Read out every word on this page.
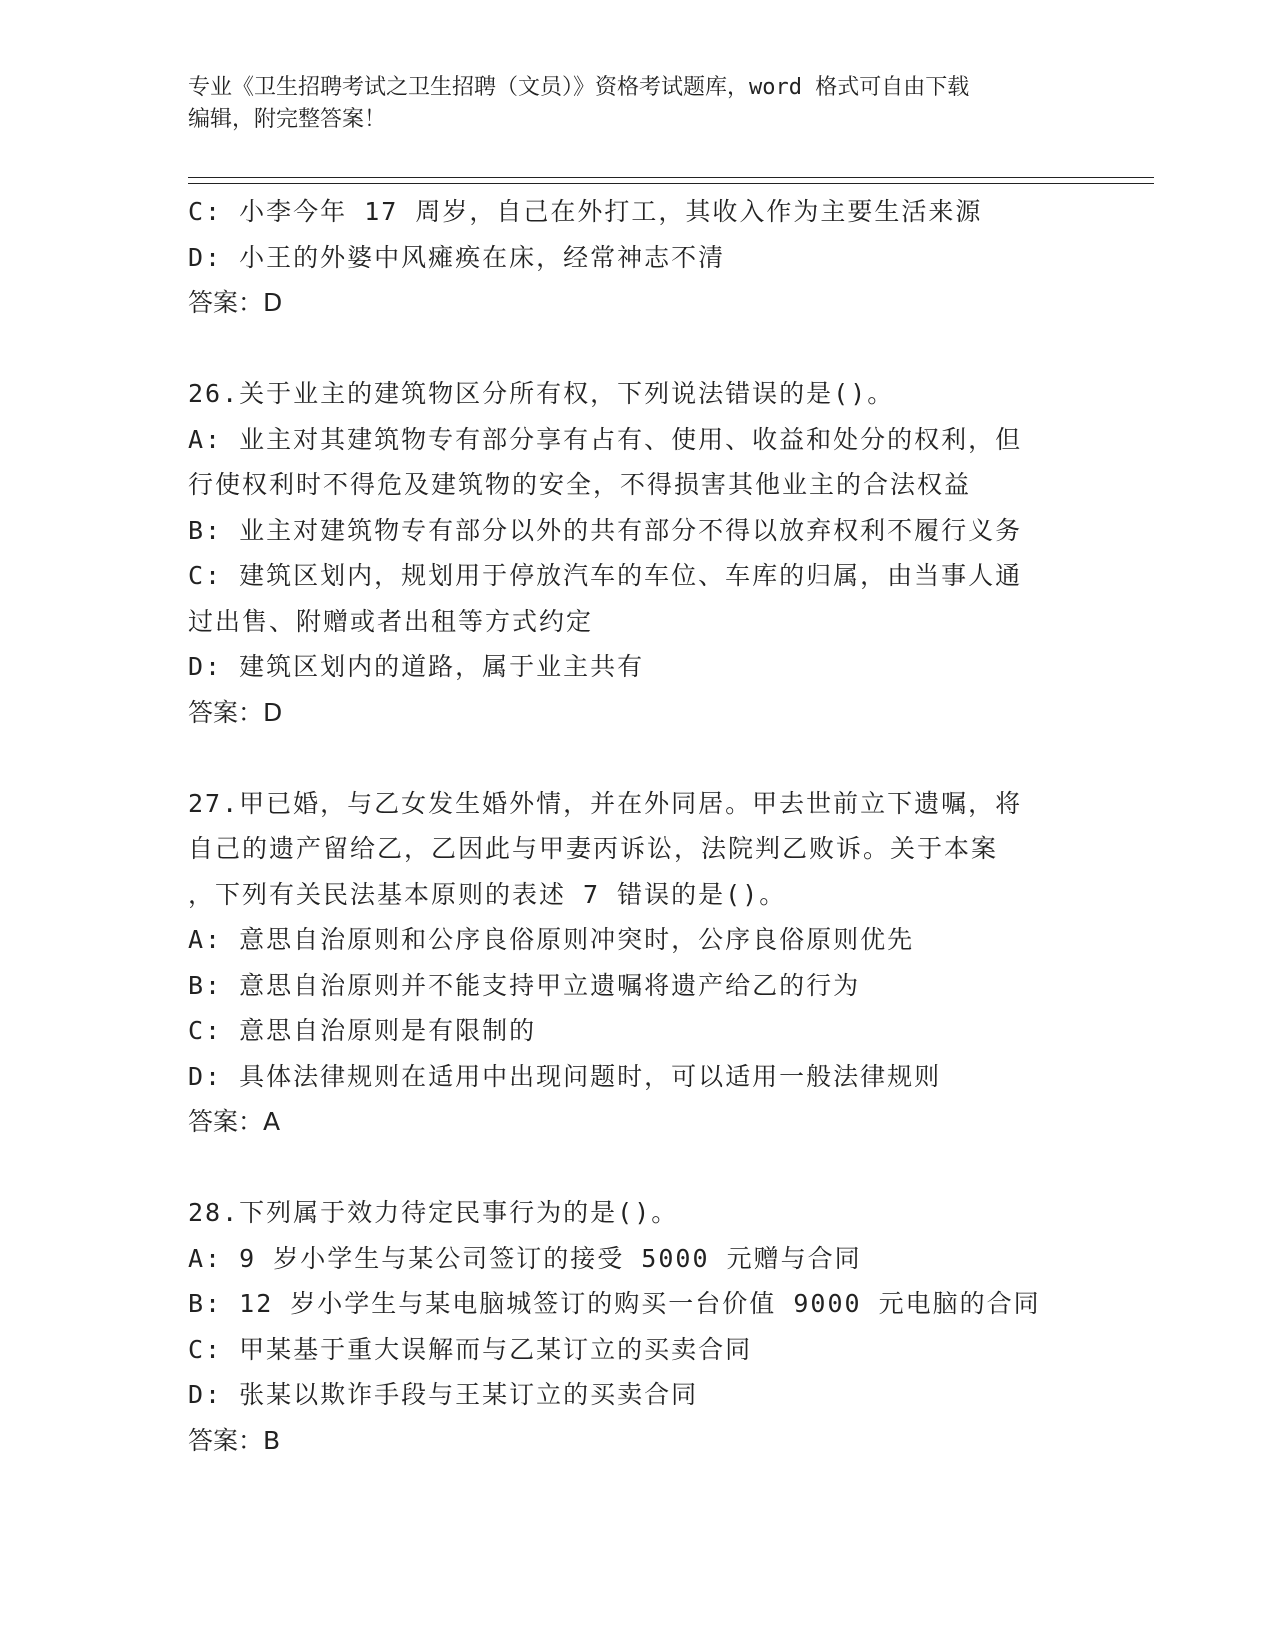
专业《卫生招聘考试之卫生招聘（文员）》资格考试题库，word 格式可自由下载
编辑，附完整答案！
C: 小李今年 17 周岁，自己在外打工，其收入作为主要生活来源
D: 小王的外婆中风瘫痪在床，经常神志不清
答案：D
26.关于业主的建筑物区分所有权，下列说法错误的是()。
A: 业主对其建筑物专有部分享有占有、使用、收益和处分的权利，但
行使权利时不得危及建筑物的安全，不得损害其他业主的合法权益
B: 业主对建筑物专有部分以外的共有部分不得以放弃权利不履行义务
C: 建筑区划内，规划用于停放汽车的车位、车库的归属，由当事人通
过出售、附赠或者出租等方式约定
D: 建筑区划内的道路，属于业主共有
答案：D
27.甲已婚，与乙女发生婚外情，并在外同居。甲去世前立下遗嘱，将
自己的遗产留给乙，乙因此与甲妻丙诉讼，法院判乙败诉。关于本案
，下列有关民法基本原则的表述 7 错误的是()。
A: 意思自治原则和公序良俗原则冲突时，公序良俗原则优先
B: 意思自治原则并不能支持甲立遗嘱将遗产给乙的行为
C: 意思自治原则是有限制的
D: 具体法律规则在适用中出现问题时，可以适用一般法律规则
答案：A
28.下列属于效力待定民事行为的是()。
A: 9 岁小学生与某公司签订的接受 5000 元赠与合同
B: 12 岁小学生与某电脑城签订的购买一台价值 9000 元电脑的合同
C: 甲某基于重大误解而与乙某订立的买卖合同
D: 张某以欺诈手段与王某订立的买卖合同
答案：B
